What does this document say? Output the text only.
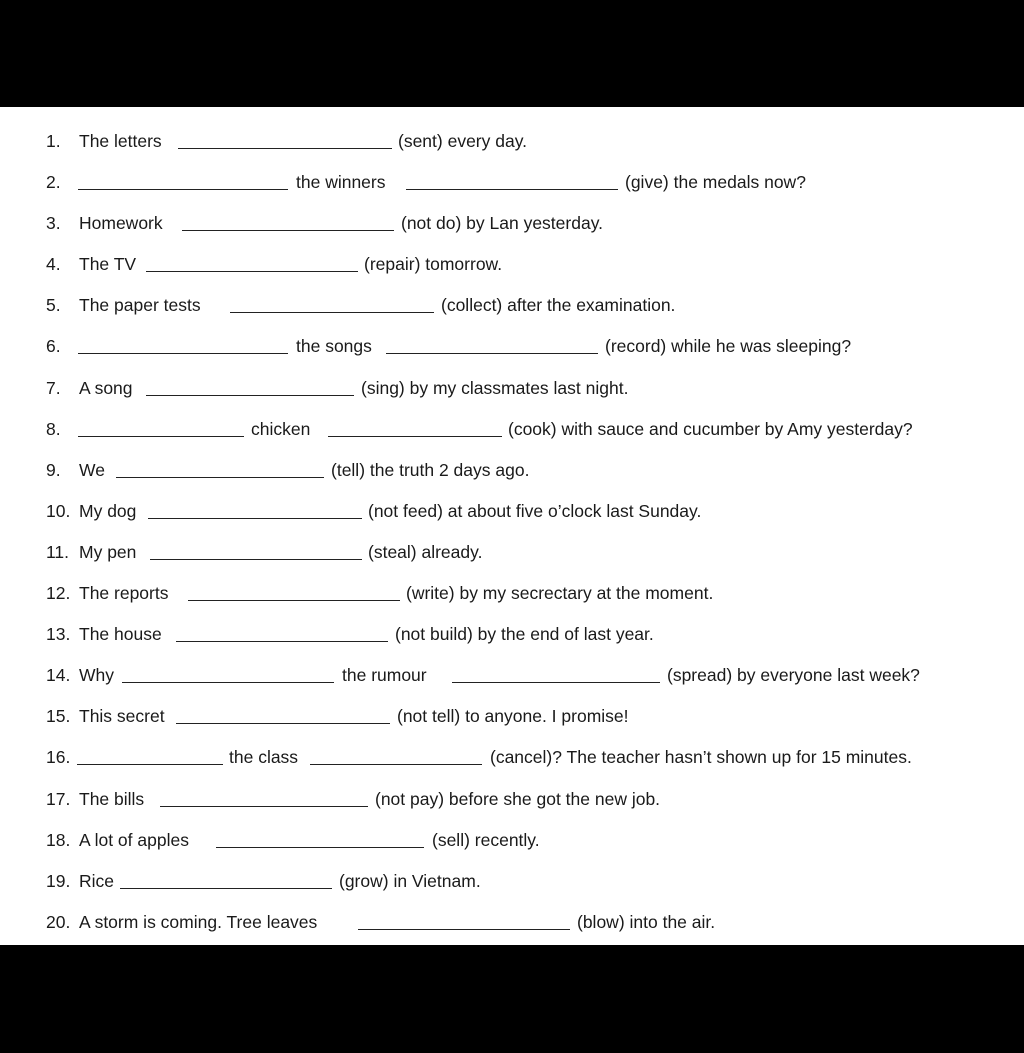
1. The letters	(sent) every day.
2.	the winners	(give) the medals now?
3. Homework	(not do) by Lan yesterday.
4. The TV	(repair) tomorrow.
5. The paper tests	(collect) after the examination.
6.	the songs	(record) while he was sleeping?
7. A song	(sing) by my classmates last night.
8.	chicken	(cook) with sauce and cucumber by Amy yesterday?
9. We	(tell) the truth 2 days ago.
10. My dog	(not feed) at about five o’clock last Sunday.
11. My pen	(steal) already.
12. The reports	(write) by my secrectary at the moment.
13. The house	(not build) by the end of last year.
14. Why	the rumour	(spread) by everyone last week?
15. This secret	(not tell) to anyone. I promise!
16.	the class	(cancel)? The teacher hasn’t shown up for 15 minutes.
17. The bills	(not pay) before she got the new job.
18. A lot of apples	(sell) recently.
19. Rice	(grow) in Vietnam.
20. A storm is coming. Tree leaves	(blow) into the air.
